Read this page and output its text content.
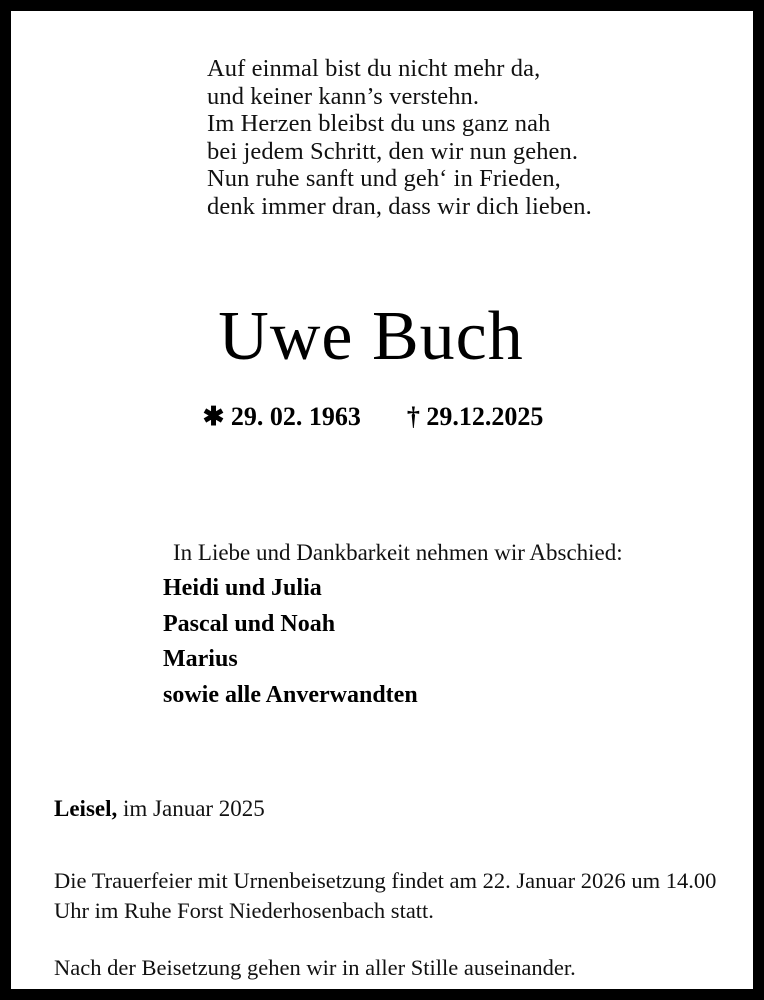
Auf einmal bist du nicht mehr da,
und keiner kann’s verstehn.
Im Herzen bleibst du uns ganz nah
bei jedem Schritt, den wir nun gehen.
Nun ruhe sanft und geh‘ in Frieden,
denk immer dran, dass wir dich lieben.
Uwe Buch
✱ 29. 02. 1963 † 29.12.2025
In Liebe und Dankbarkeit nehmen wir Abschied:
Heidi und Julia
Pascal und Noah
Marius
sowie alle Anverwandten
Leisel, im Januar 2025
Die Trauerfeier mit Urnenbeisetzung findet am 22. Januar 2026 um 14.00 Uhr im Ruhe Forst Niederhosenbach statt.
Nach der Beisetzung gehen wir in aller Stille auseinander.
